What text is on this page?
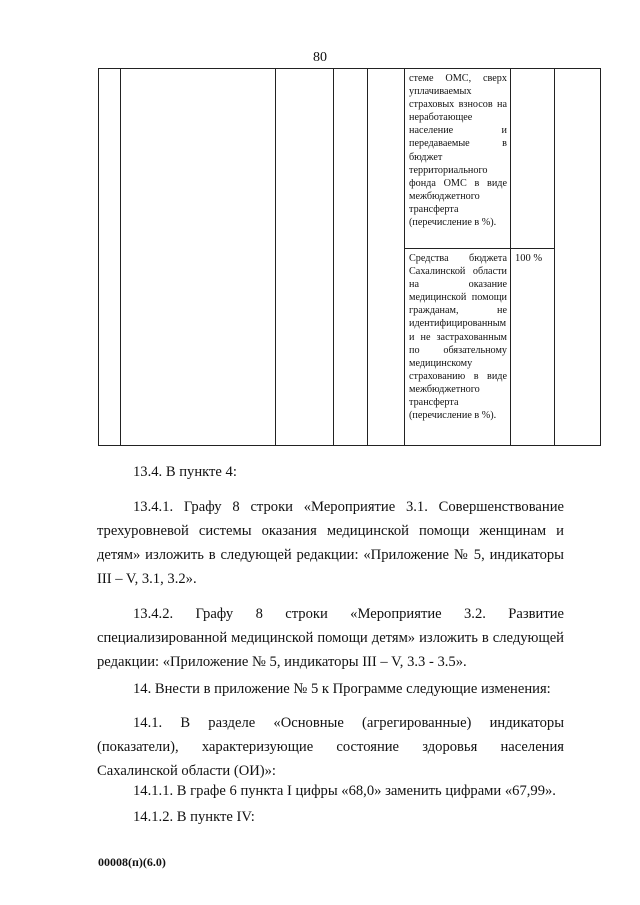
80

					стеме ОМС, сверх уплачиваемых страховых взносов на неработающее население и передаваемые в бюджет территориального фонда ОМС в виде межбюджетного трансферта (перечисление в %).		

					Средства бюджета Сахалинской области на оказание медицинской помощи гражданам, не идентифицированным и не застрахованным по обязательному медицинскому страхованию в виде межбюджетного трансферта (перечисление в %).	100 %	

13.4. В пункте 4:

13.4.1. Графу 8 строки «Мероприятие 3.1. Совершенствование трехуровневой системы оказания медицинской помощи женщинам и детям» изложить в следующей редакции: «Приложение № 5, индикаторы III – V, 3.1, 3.2».

13.4.2. Графу 8 строки «Мероприятие 3.2. Развитие специализированной медицинской помощи детям» изложить в следующей редакции: «Приложение № 5, индикаторы III – V, 3.3 - 3.5».

14. Внести в приложение № 5 к Программе следующие изменения:

14.1. В разделе «Основные (агрегированные) индикаторы (показатели), характеризующие состояние здоровья населения Сахалинской области (ОИ)»:

14.1.1. В графе 6 пункта I цифры «68,0» заменить цифрами «67,99».

14.1.2. В пункте IV:

00008(п)(6.0)
